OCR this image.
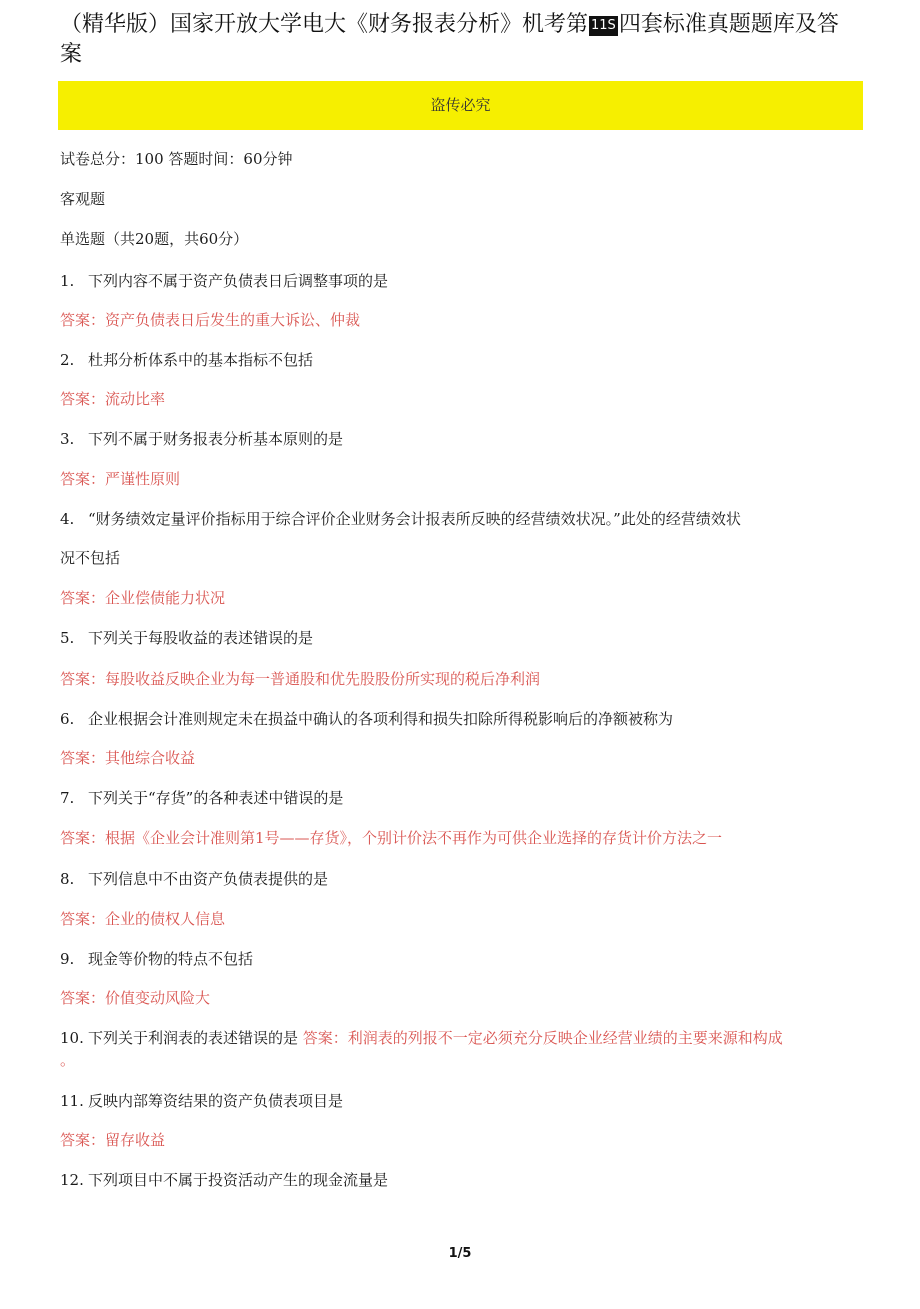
（精华版）国家开放大学电大《财务报表分析》机考第 11S 四套标准真题题库及答
案
盗传必究
试卷总分：100 答题时间：60分钟
客观题
单选题（共20题，共60分）
1. 下列内容不属于资产负债表日后调整事项的是
答案：资产负债表日后发生的重大诉讼、仲裁
2. 杜邦分析体系中的基本指标不包括
答案：流动比率
3. 下列不属于财务报表分析基本原则的是
答案：严谨性原则
4. “财务绩效定量评价指标用于综合评价企业财务会计报表所反映的经营绩效状况。”此处的经营绩效状
况不包括
答案：企业偿债能力状况
5. 下列关于每股收益的表述错误的是
答案：每股收益反映企业为每一普通股和优先股股份所实现的税后净利润
6. 企业根据会计准则规定未在损益中确认的各项利得和损失扣除所得税影响后的净额被称为
答案：其他综合收益
7. 下列关于“存货”的各种表述中错误的是
答案：根据《企业会计准则第1号——存货》，个别计价法不再作为可供企业选择的存货计价方法之一
8. 下列信息中不由资产负债表提供的是
答案：企业的债权人信息
9. 现金等价物的特点不包括
答案：价值变动风险大
10. 下列关于利润表的表述错误的是 答案：利润表的列报不一定必须充分反映企业经营业绩的主要来源和构成
。
11. 反映内部筹资结果的资产负债表项目是
答案：留存收益
12. 下列项目中不属于投资活动产生的现金流量是
1/5
